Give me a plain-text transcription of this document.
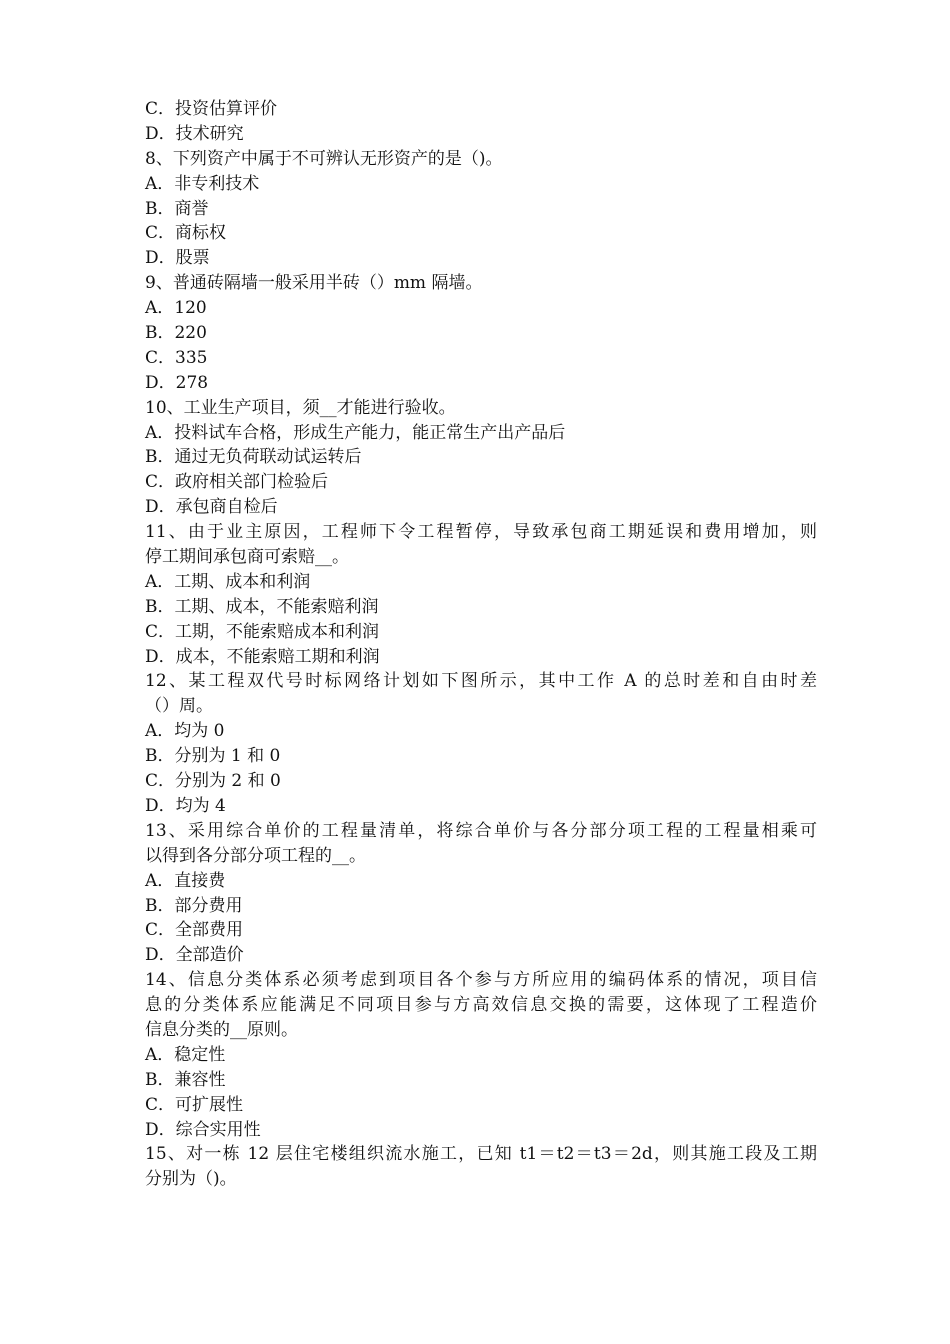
C．投资估算评价
D．技术研究
8、下列资产中属于不可辨认无形资产的是（)。
A．非专利技术
B．商誉
C．商标权
D．股票
9、普通砖隔墙一般采用半砖（）mm 隔墙。
A．120
B．220
C．335
D．278
10、工业生产项目，须__才能进行验收。
A．投料试车合格，形成生产能力，能正常生产出产品后
B．通过无负荷联动试运转后
C．政府相关部门检验后
D．承包商自检后
11、由于业主原因，工程师下令工程暂停，导致承包商工期延误和费用增加，则
停工期间承包商可索赔__。
A．工期、成本和利润
B．工期、成本，不能索赔利润
C．工期，不能索赔成本和利润
D．成本，不能索赔工期和利润
12、某工程双代号时标网络计划如下图所示，其中工作 A 的总时差和自由时差
（）周。
A．均为 0
B．分别为 1 和 0
C．分别为 2 和 0
D．均为 4
13、采用综合单价的工程量清单，将综合单价与各分部分项工程的工程量相乘可
以得到各分部分项工程的__。
A．直接费
B．部分费用
C．全部费用
D．全部造价
14、信息分类体系必须考虑到项目各个参与方所应用的编码体系的情况，项目信
息的分类体系应能满足不同项目参与方高效信息交换的需要，这体现了工程造价
信息分类的__原则。
A．稳定性
B．兼容性
C．可扩展性
D．综合实用性
15、对一栋 12 层住宅楼组织流水施工，已知 t1＝t2＝t3＝2d，则其施工段及工期
分别为（)。
